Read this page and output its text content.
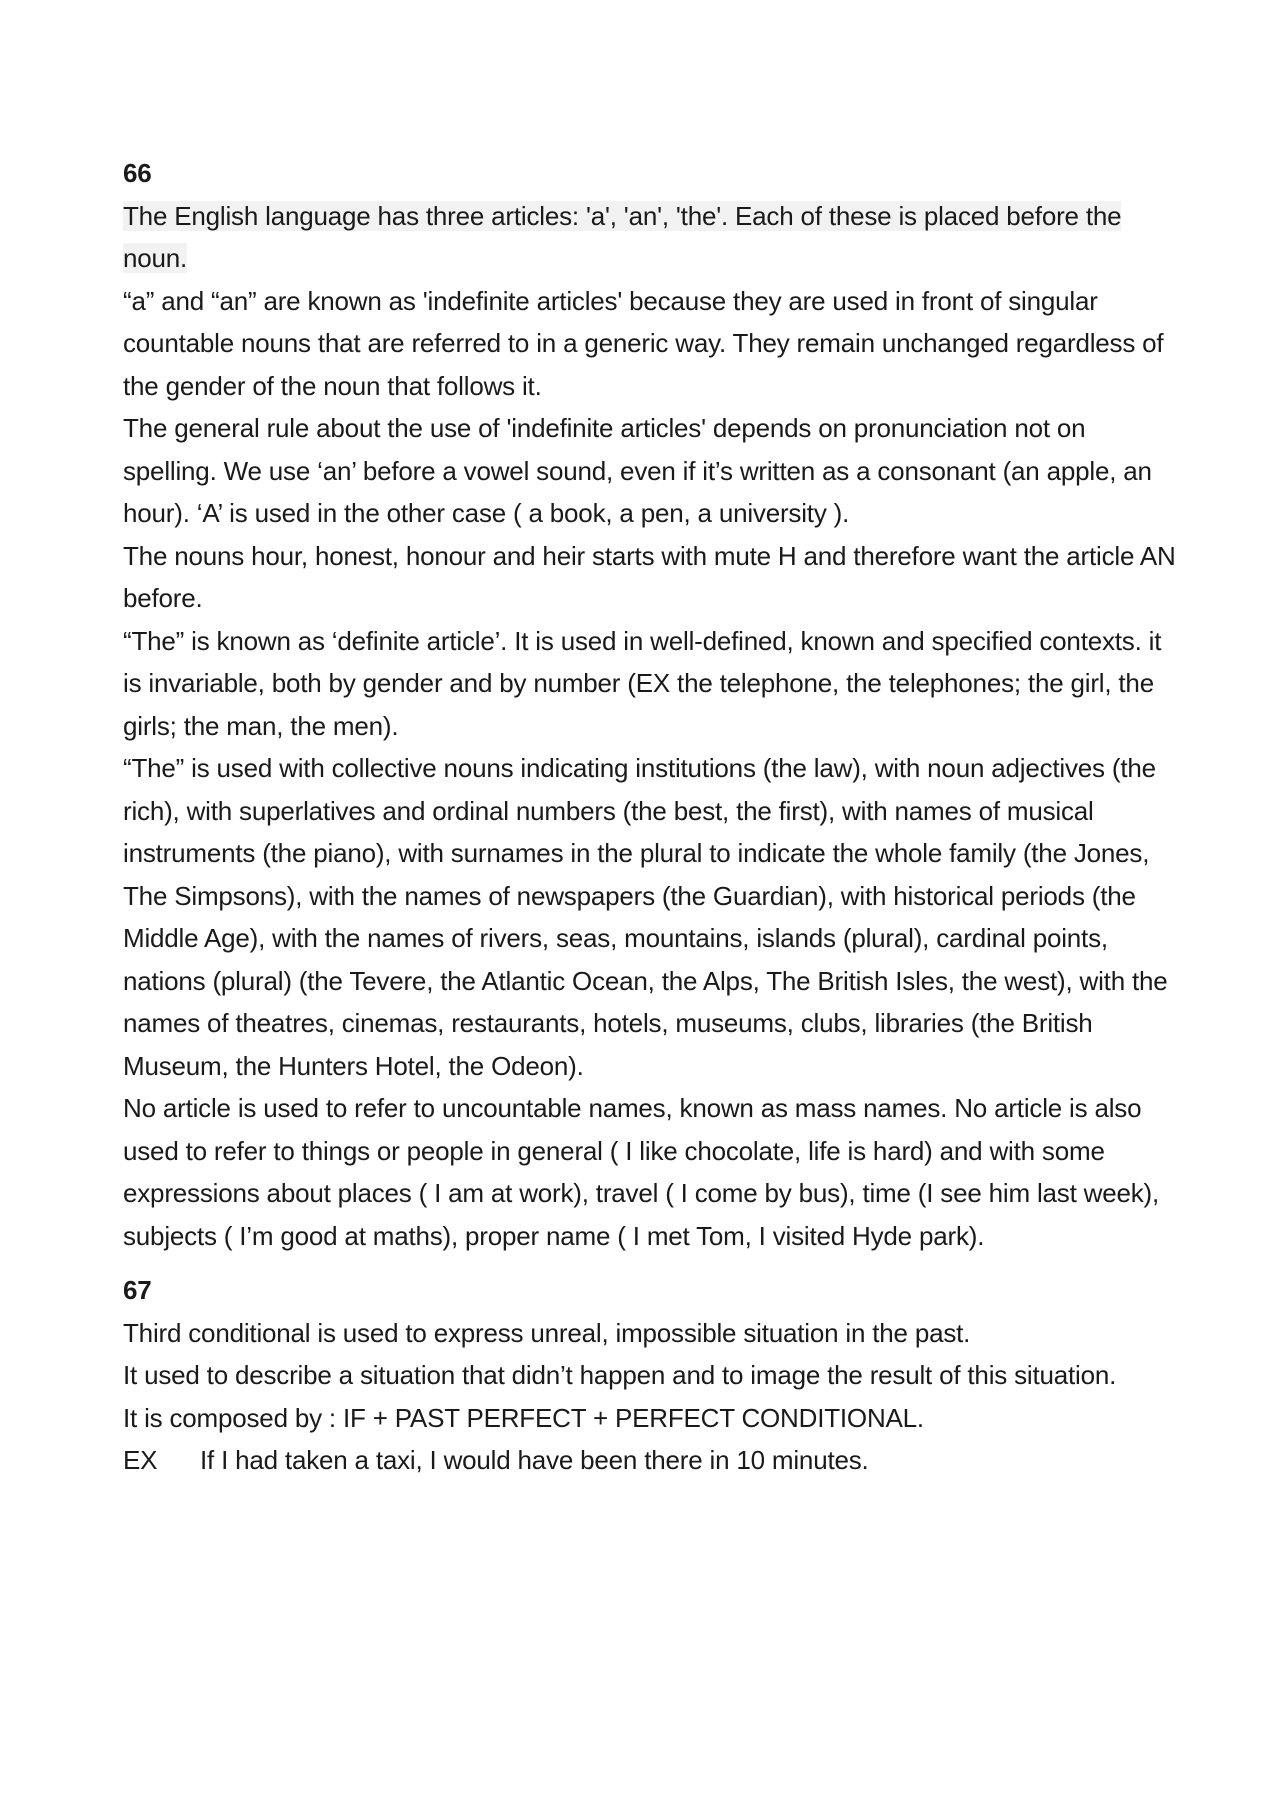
66

The English language has three articles: 'a', 'an', 'the'. Each of these is placed before the noun.

“a” and “an” are known as 'indefinite articles' because they are used in front of singular countable nouns that are referred to in a generic way. They remain unchanged regardless of the gender of the noun that follows it.

The general rule about the use of 'indefinite articles' depends on pronunciation not on spelling. We use ‘an’ before a vowel sound, even if it’s written as a consonant (an apple, an hour). ‘A’ is used in the other case ( a book, a pen, a university ).

The nouns hour, honest, honour and heir starts with mute H and therefore want the article AN before.

“The” is known as ‘definite article’. It is used in well-defined, known and specified contexts. it is invariable, both by gender and by number (EX the telephone, the telephones; the girl, the girls; the man, the men).

“The” is used with collective nouns indicating institutions (the law), with noun adjectives (the rich), with superlatives and ordinal numbers (the best, the first), with names of musical instruments (the piano), with surnames in the plural to indicate the whole family (the Jones, The Simpsons), with the names of newspapers (the Guardian), with historical periods (the Middle Age), with the names of rivers, seas, mountains, islands (plural), cardinal points, nations (plural) (the Tevere, the Atlantic Ocean, the Alps, The British Isles, the west), with the names of theatres, cinemas, restaurants, hotels, museums, clubs, libraries (the British Museum, the Hunters Hotel, the Odeon).

No article is used to refer to uncountable names, known as mass names. No article is also used to refer to things or people in general ( I like chocolate, life is hard) and with some expressions about places ( I am at work), travel ( I come by bus), time (I see him last week), subjects ( I’m good at maths), proper name ( I met Tom, I visited Hyde park).

67

Third conditional is used to express unreal, impossible situation in the past.

It used to describe a situation that didn’t happen and to image the result of this situation.

It is composed by : IF + PAST PERFECT + PERFECT CONDITIONAL.

EX	If I had taken a taxi, I would have been there in 10 minutes.
